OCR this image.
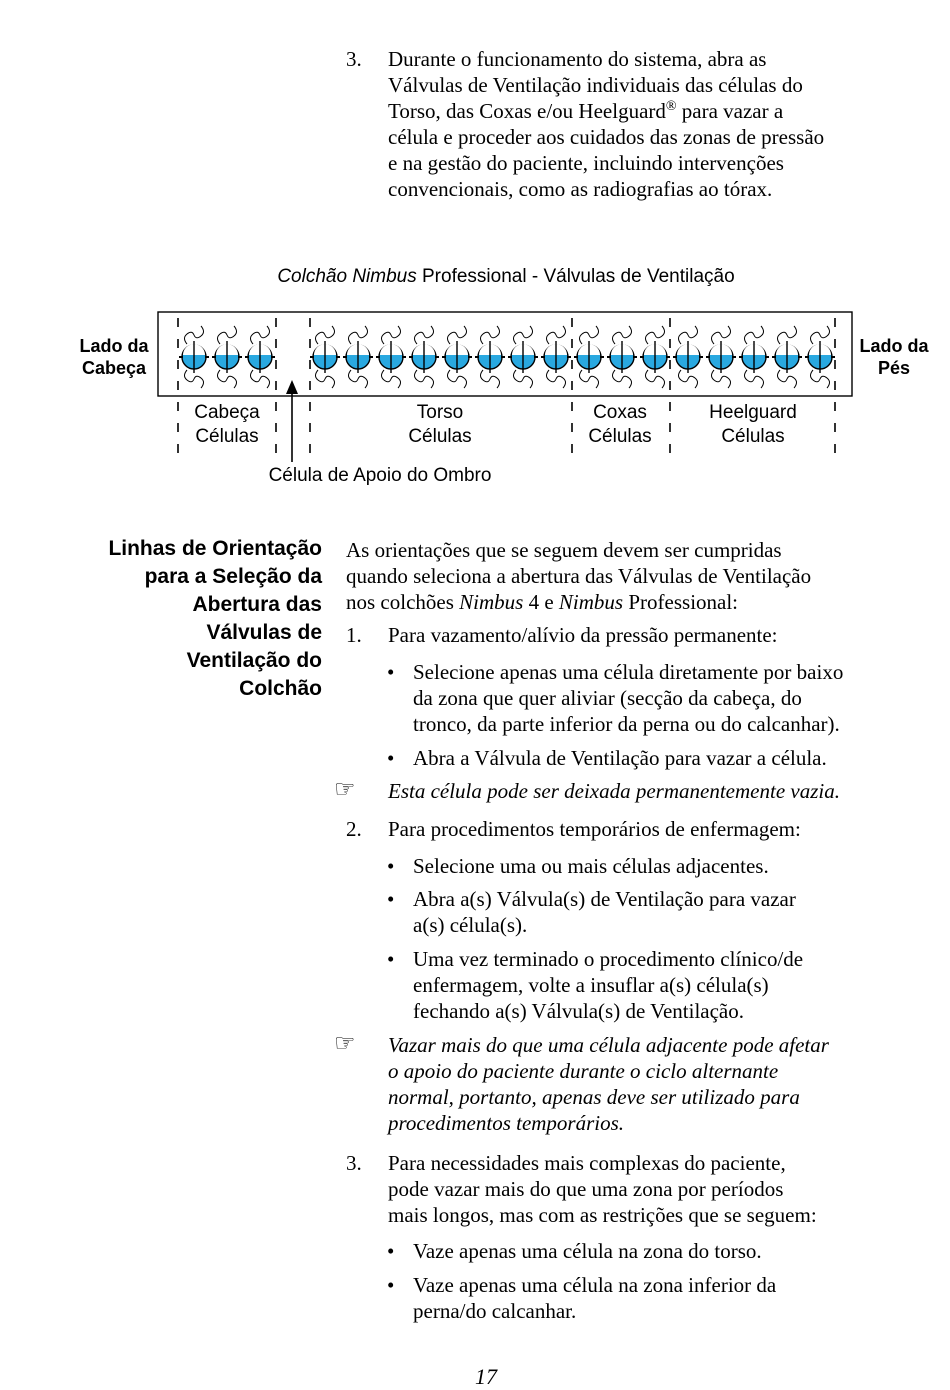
3. Durante o funcionamento do sistema, abra as
Válvulas de Ventilação individuais das células do
Torso, das Coxas e/ou Heelguard® para vazar a
célula e proceder aos cuidados das zonas de pressão
e na gestão do paciente, incluindo intervenções
convencionais, como as radiografias ao tórax.
Colchão Nimbus Professional - Válvulas de Ventilação
Lado da
Cabeça
Lado da
Pés
Cabeça
Células
Torso
Células
Coxas
Células
Heelguard
Células
Célula de Apoio do Ombro
Linhas de Orientação
para a Seleção da
Abertura das
Válvulas de
Ventilação do
Colchão
As orientações que se seguem devem ser cumpridas
quando seleciona a abertura das Válvulas de Ventilação
nos colchões Nimbus 4 e Nimbus Professional:
1. Para vazamento/alívio da pressão permanente:
• Selecione apenas uma célula diretamente por baixo
da zona que quer aliviar (secção da cabeça, do
tronco, da parte inferior da perna ou do calcanhar).
• Abra a Válvula de Ventilação para vazar a célula.
☞ Esta célula pode ser deixada permanentemente vazia.
2. Para procedimentos temporários de enfermagem:
• Selecione uma ou mais células adjacentes.
• Abra a(s) Válvula(s) de Ventilação para vazar
a(s) célula(s).
• Uma vez terminado o procedimento clínico/de
enfermagem, volte a insuflar a(s) célula(s)
fechando a(s) Válvula(s) de Ventilação.
☞ Vazar mais do que uma célula adjacente pode afetar
o apoio do paciente durante o ciclo alternante
normal, portanto, apenas deve ser utilizado para
procedimentos temporários.
3. Para necessidades mais complexas do paciente,
pode vazar mais do que uma zona por períodos
mais longos, mas com as restrições que se seguem:
• Vaze apenas uma célula na zona do torso.
• Vaze apenas uma célula na zona inferior da
perna/do calcanhar.
17
